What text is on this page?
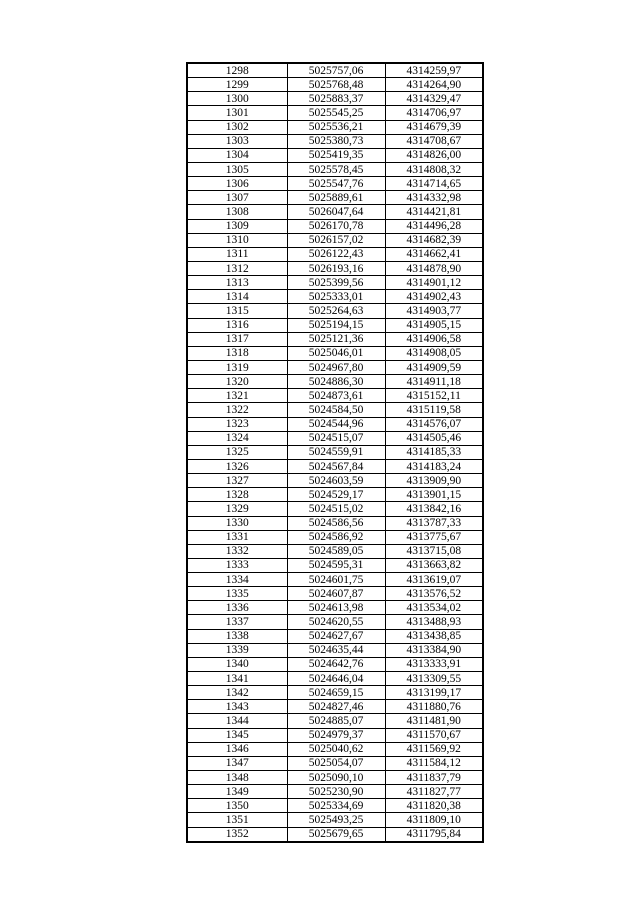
1298	5025757,06	4314259,97
1299	5025768,48	4314264,90
1300	5025883,37	4314329,47
1301	5025545,25	4314706,97
1302	5025536,21	4314679,39
1303	5025380,73	4314708,67
1304	5025419,35	4314826,00
1305	5025578,45	4314808,32
1306	5025547,76	4314714,65
1307	5025889,61	4314332,98
1308	5026047,64	4314421,81
1309	5026170,78	4314496,28
1310	5026157,02	4314682,39
1311	5026122,43	4314662,41
1312	5026193,16	4314878,90
1313	5025399,56	4314901,12
1314	5025333,01	4314902,43
1315	5025264,63	4314903,77
1316	5025194,15	4314905,15
1317	5025121,36	4314906,58
1318	5025046,01	4314908,05
1319	5024967,80	4314909,59
1320	5024886,30	4314911,18
1321	5024873,61	4315152,11
1322	5024584,50	4315119,58
1323	5024544,96	4314576,07
1324	5024515,07	4314505,46
1325	5024559,91	4314185,33
1326	5024567,84	4314183,24
1327	5024603,59	4313909,90
1328	5024529,17	4313901,15
1329	5024515,02	4313842,16
1330	5024586,56	4313787,33
1331	5024586,92	4313775,67
1332	5024589,05	4313715,08
1333	5024595,31	4313663,82
1334	5024601,75	4313619,07
1335	5024607,87	4313576,52
1336	5024613,98	4313534,02
1337	5024620,55	4313488,93
1338	5024627,67	4313438,85
1339	5024635,44	4313384,90
1340	5024642,76	4313333,91
1341	5024646,04	4313309,55
1342	5024659,15	4313199,17
1343	5024827,46	4311880,76
1344	5024885,07	4311481,90
1345	5024979,37	4311570,67
1346	5025040,62	4311569,92
1347	5025054,07	4311584,12
1348	5025090,10	4311837,79
1349	5025230,90	4311827,77
1350	5025334,69	4311820,38
1351	5025493,25	4311809,10
1352	5025679,65	4311795,84
